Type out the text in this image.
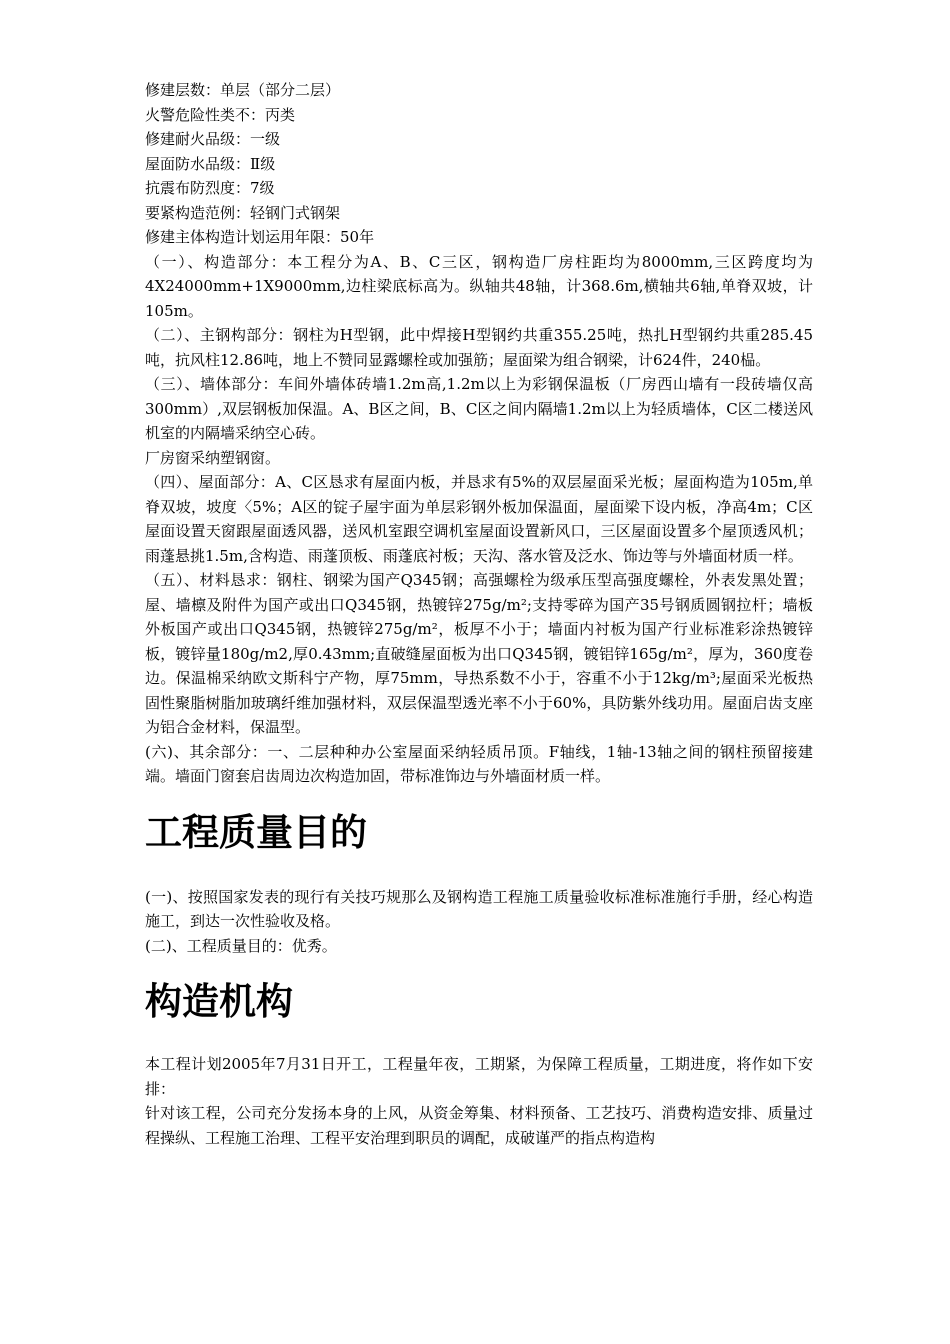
修建层数：单层（部分二层）

火警危险性类不：丙类

修建耐火品级：一级

屋面防水品级：Ⅱ级

抗震布防烈度：7级

要紧构造范例：轻钢门式钢架

修建主体构造计划运用年限：50年

（一）、构造部分：本工程分为A、B、C三区，钢构造厂房柱距均为8000mm,三区跨度均为4X24000mm+1X9000mm,边柱梁底标高为。纵轴共48轴，计368.6m,横轴共6轴,单脊双坡，计105m。

（二）、主钢构部分：钢柱为H型钢，此中焊接H型钢约共重355.25吨，热扎H型钢约共重285.45吨，抗风柱12.86吨，地上不赞同显露螺栓或加强筋；屋面梁为组合钢梁，计624件，240榀。

（三）、墙体部分：车间外墙体砖墙1.2m高,1.2m以上为彩钢保温板（厂房西山墙有一段砖墙仅高300mm）,双层钢板加保温。A、B区之间，B、C区之间内隔墙1.2m以上为轻质墙体，C区二楼送风机室的内隔墙采纳空心砖。

厂房窗采纳塑钢窗。

（四）、屋面部分：A、C区恳求有屋面内板，并恳求有5%的双层屋面采光板；屋面构造为105m,单脊双坡，坡度〈5%；A区的锭子屋宇面为单层彩钢外板加保温面，屋面梁下设内板，净高4m；C区屋面设置天窗跟屋面透风器，送风机室跟空调机室屋面设置新风口，三区屋面设置多个屋顶透风机；雨蓬悬挑1.5m,含构造、雨蓬顶板、雨蓬底衬板；天沟、落水管及泛水、饰边等与外墙面材质一样。

（五）、材料恳求：钢柱、钢梁为国产Q345钢；高强螺栓为级承压型高强度螺栓，外表发黑处置；屋、墙檩及附件为国产或出口Q345钢，热镀锌275g/m²;支持零碎为国产35号钢质圆钢拉杆；墙板外板国产或出口Q345钢，热镀锌275g/m²，板厚不小于；墙面内衬板为国产行业标准彩涂热镀锌板，镀锌量180g/m2,厚0.43mm;直破缝屋面板为出口Q345钢，镀铝锌165g/m²，厚为，360度卷边。保温棉采纳欧文斯科宁产物，厚75mm，导热系数不小于，容重不小于12kg/m³;屋面采光板热固性聚脂树脂加玻璃纤维加强材料，双层保温型透光率不小于60%，具防紫外线功用。屋面启齿支座为铝合金材料，保温型。

(六)、其余部分：一、二层种种办公室屋面采纳轻质吊顶。F轴线，1轴-13轴之间的钢柱预留接建端。墙面门窗套启齿周边次构造加固，带标准饰边与外墙面材质一样。

工程质量目的

(一)、按照国家发表的现行有关技巧规那么及钢构造工程施工质量验收标准标准施行手册，经心构造施工，到达一次性验收及格。

(二)、工程质量目的：优秀。

构造机构

本工程计划2005年7月31日开工，工程量年夜，工期紧，为保障工程质量，工期进度，将作如下安排：

针对该工程，公司充分发扬本身的上风，从资金筹集、材料预备、工艺技巧、消费构造安排、质量过程操纵、工程施工治理、工程平安治理到职员的调配，成破谨严的指点构造构
